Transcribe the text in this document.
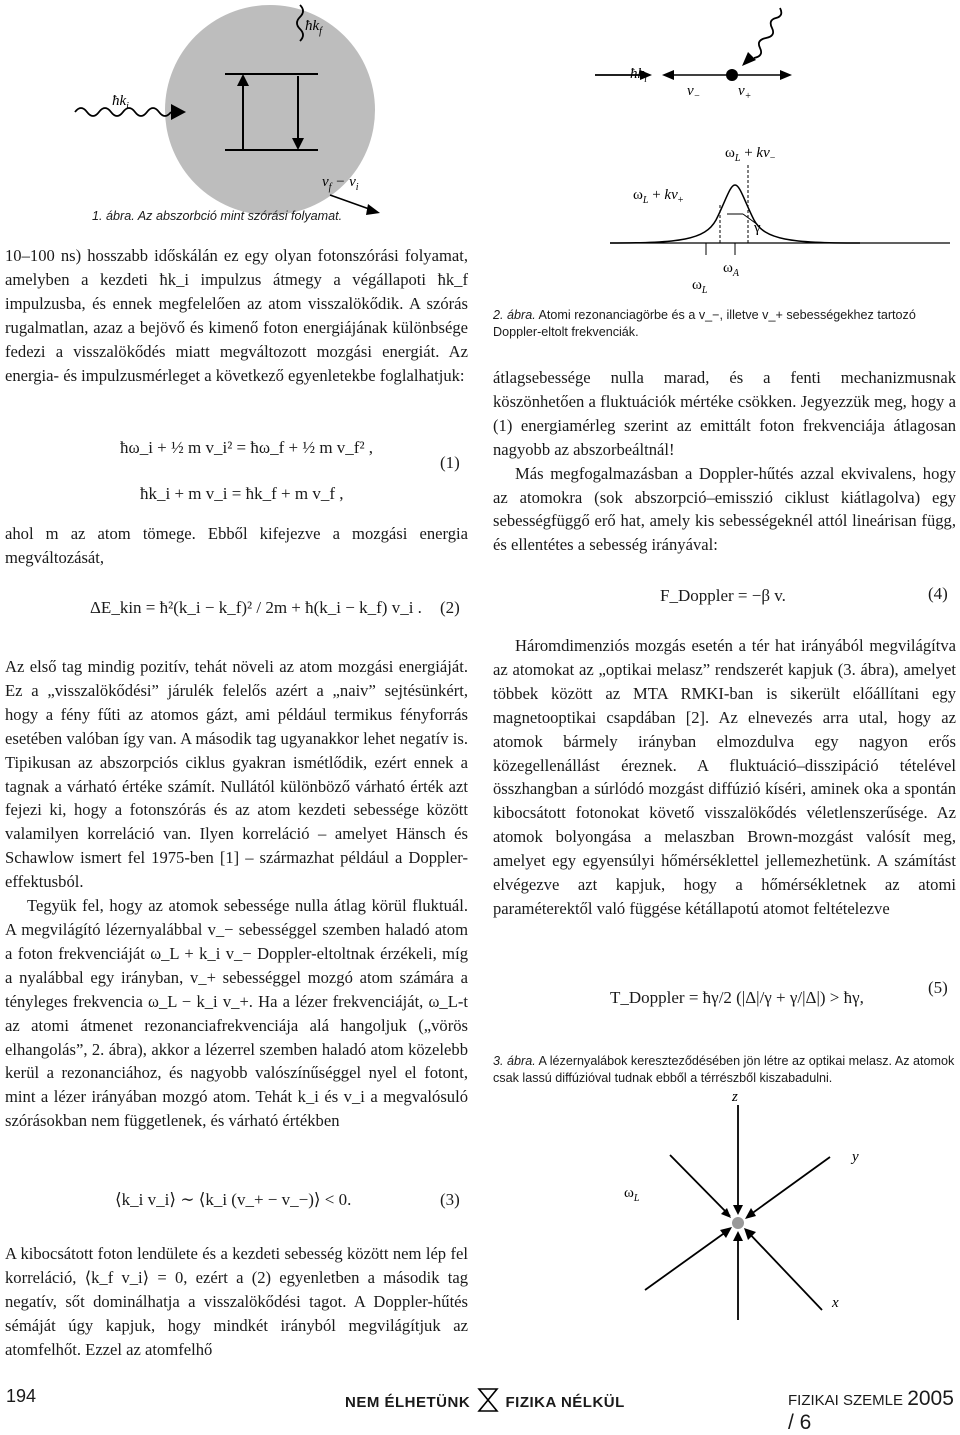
$ħk_f$
$ħk_i$
$v_f - v_i$
1. ábra. Az abszorbció mint szórási folyamat.
$ħk_i$
$v_-$	$v_+$
$\omega_L + kv_-$
$\omega_L + kv_+$
γ
$\omega_A$
$\omega_L$
2. ábra. Atomi rezonanciagörbe és a v_−, illetve v_+ sebességekhez tartozó Doppler-eltolt frekvenciák.

10–100 ns) hosszabb időskálán ez egy olyan fotonszórási folyamat, amelyben a kezdeti ħk_i impulzus átmegy a végállapoti ħk_f impulzusba, és ennek megfelelően az atom visszalökődik. A szórás rugalmatlan, azaz a bejövő és kimenő foton energiájának különbsége fedezi a visszalökődés miatt megváltozott mozgási energiát. Az energia- és impulzusmérleget a következő egyenletekbe foglalhatjuk:

ħω_i + ½ m v_i² = ħω_f + ½ m v_f² ,
ħk_i + m v_i = ħk_f + m v_f ,
(1)

ahol m az atom tömege. Ebből kifejezve a mozgási energia megváltozását,

ΔE_kin = ħ²(k_i − k_f)² / 2m + ħ(k_i − k_f) v_i .	(2)

Az első tag mindig pozitív, tehát növeli az atom mozgási energiáját. Ez a „visszalökődési” járulék felelős azért a „naiv” sejtésünkért, hogy a fény fűti az atomos gázt, ami például termikus fényforrás esetében valóban így van. A második tag ugyanakkor lehet negatív is. Tipikusan az abszorpciós ciklus gyakran ismétlődik, ezért ennek a tagnak a várható értéke számít. Nullától különböző várható érték azt fejezi ki, hogy a fotonszórás és az atom kezdeti sebessége között valamilyen korreláció van. Ilyen korreláció – amelyet Hänsch és Schawlow ismert fel 1975-ben [1] – származhat például a Doppler-effektusból.

Tegyük fel, hogy az atomok sebessége nulla átlag körül fluktuál. A megvilágító lézernyalábbal v_− sebességgel szemben haladó atom a foton frekvenciáját ω_L + k_i v_− Doppler-eltoltnak érzékeli, míg a nyalábbal egy irányban, v_+ sebességgel mozgó atom számára a tényleges frekvencia ω_L − k_i v_+. Ha a lézer frekvenciáját, ω_L-t az atomi átmenet rezonanciafrekvenciája alá hangoljuk („vörös elhangolás”, 2. ábra), akkor a lézerrel szemben haladó atom közelebb kerül a rezonanciához, és nagyobb valószínűséggel nyel el fotont, mint a lézer irányában mozgó atom. Tehát k_i és v_i a megvalósuló szórásokban nem függetlenek, és várható értékben

⟨k_i v_i⟩ ∼ ⟨k_i (v_+ − v_−)⟩ < 0.	(3)

A kibocsátott foton lendülete és a kezdeti sebesség között nem lép fel korreláció, ⟨k_f v_i⟩ = 0, ezért a (2) egyenletben a második tag negatív, sőt dominálhatja a visszalökődési tagot. A Doppler-hűtés sémáját úgy kapjuk, hogy mindkét irányból megvilágítjuk az atomfelhőt. Ezzel az atomfelhő

átlagsebessége nulla marad, és a fenti mechanizmusnak köszönhetően a fluktuációk mértéke csökken. Jegyezzük meg, hogy a (1) energiamérleg szerint az emittált foton frekvenciája átlagosan nagyobb az abszorbeáltnál!

Más megfogalmazásban a Doppler-hűtés azzal ekvivalens, hogy az atomokra (sok abszorpció–emisszió ciklust kiátlagolva) egy sebességfüggő erő hat, amely kis sebességeknél attól lineárisan függ, és ellentétes a sebesség irányával:

F_Doppler = −β v.	(4)

Háromdimenziós mozgás esetén a tér hat irányából megvilágítva az atomokat az „optikai melasz” rendszerét kapjuk (3. ábra), amelyet többek között az MTA RMKI-ban is sikerült előállítani egy magnetooptikai csapdában [2]. Az elnevezés arra utal, hogy az atomok bármely irányban elmozdulva egy nagyon erős közegellenállást éreznek. A fluktuáció–disszipáció tételével összhangban a súrlódó mozgást diffúzió kíséri, aminek oka a spontán kibocsátott fotonokat követő visszalökődés véletlenszerűsége. Az atomok bolyongása a melaszban Brown-mozgást valósít meg, amelyet egy egyensúlyi hőmérséklettel jellemezhetünk. A számítást elvégezve azt kapjuk, hogy a hőmérsékletnek az atomi paraméterektől való függése kétállapotú atomot feltételezve

T_Doppler = ħγ/2 (|Δ|/γ + γ/|Δ|) > ħγ,
(5)
3. ábra. A lézernyalábok kereszteződésében jön létre az optikai melasz. Az atomok csak lassú diffúzióval tudnak ebből a térrészből kiszabadulni.
z
y
x
$\omega_L$
194	NEM ÉLHETÜNK FIZIKA NÉLKÜL	FIZIKAI SZEMLE 2005 / 6
